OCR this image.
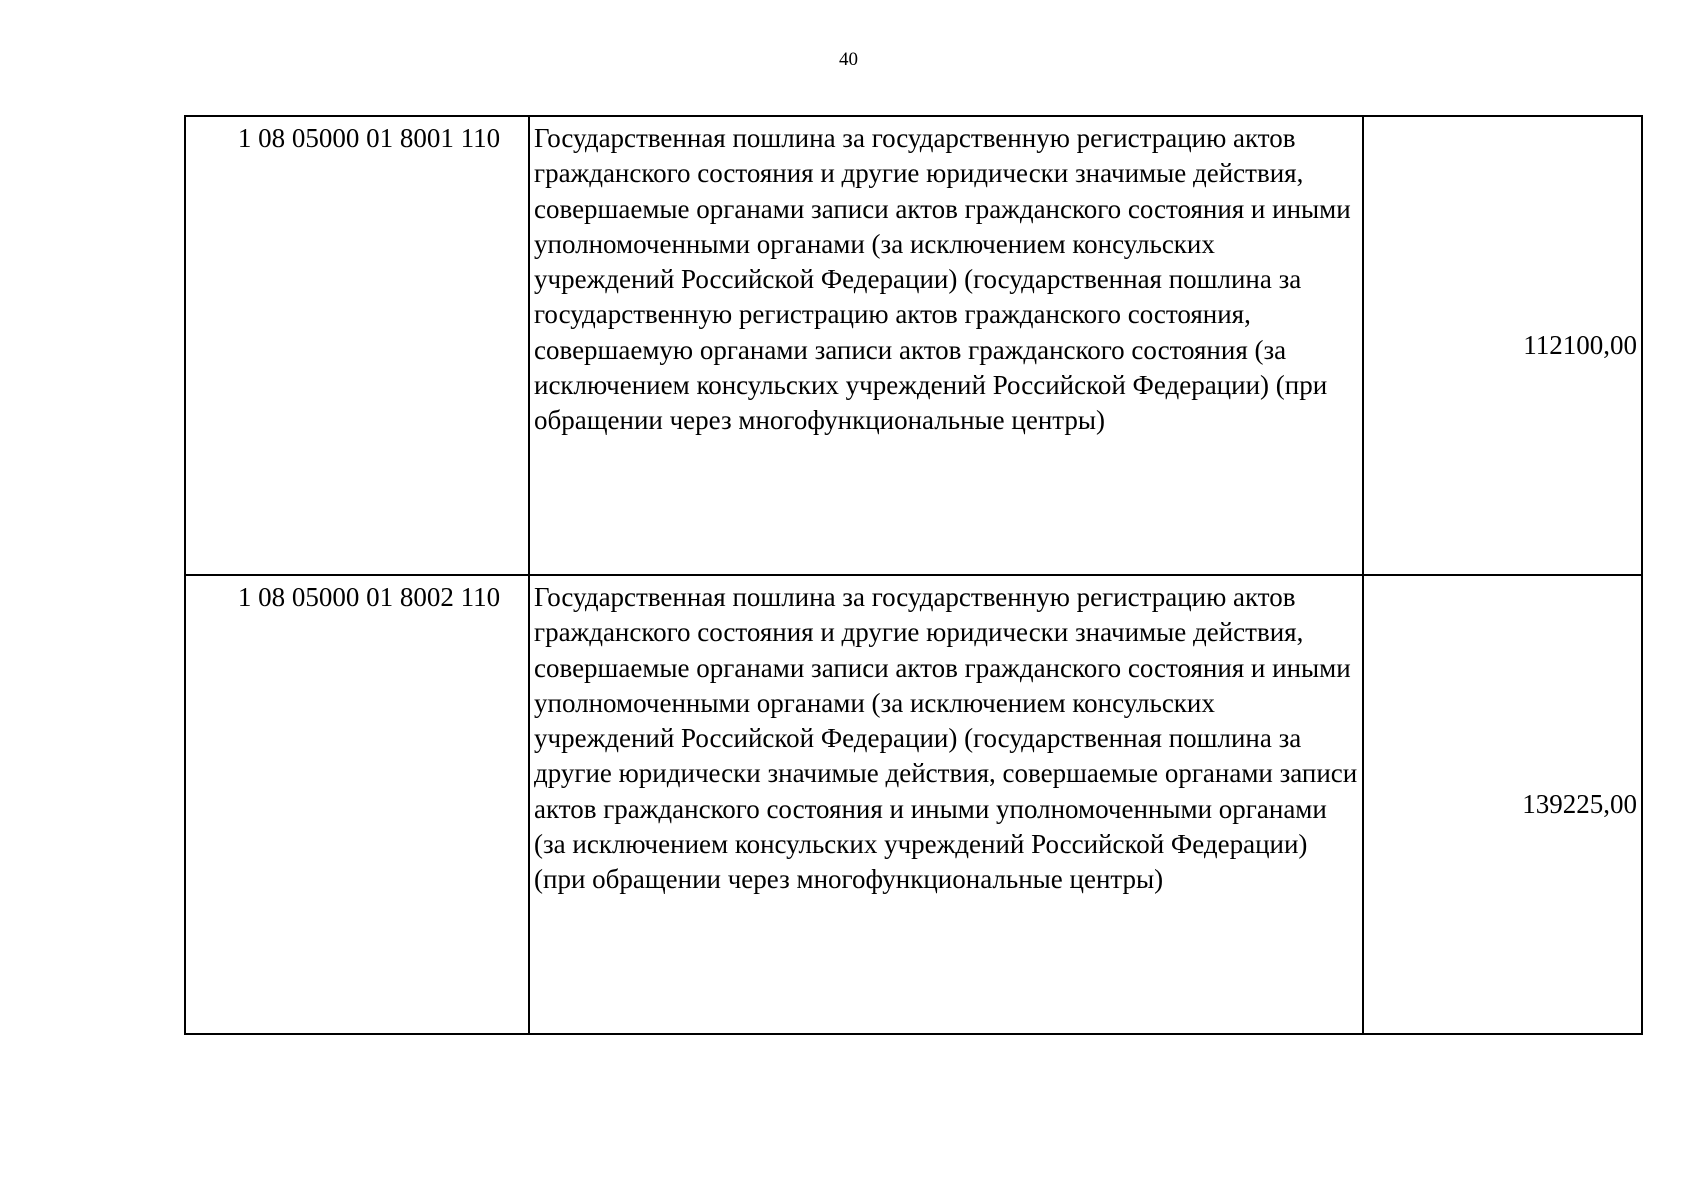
40
1 08 05000 01 8001 110	Государственная пошлина за государственную регистрацию актов гражданского состояния и другие юридически значимые действия, совершаемые органами записи актов гражданского состояния и иными уполномоченными органами (за исключением консульских учреждений Российской Федерации) (государственная пошлина за государственную регистрацию актов гражданского состояния, совершаемую органами записи актов гражданского состояния (за исключением консульских учреждений Российской Федерации) (при обращении через многофункциональные центры)	112100,00
1 08 05000 01 8002 110	Государственная пошлина за государственную регистрацию актов гражданского состояния и другие юридически значимые действия, совершаемые органами записи актов гражданского состояния и иными уполномоченными органами (за исключением консульских учреждений Российской Федерации) (государственная пошлина за другие юридически значимые действия, совершаемые органами записи актов гражданского состояния и иными уполномоченными органами (за исключением консульских учреждений Российской Федерации) (при обращении через многофункциональные центры)	139225,00
